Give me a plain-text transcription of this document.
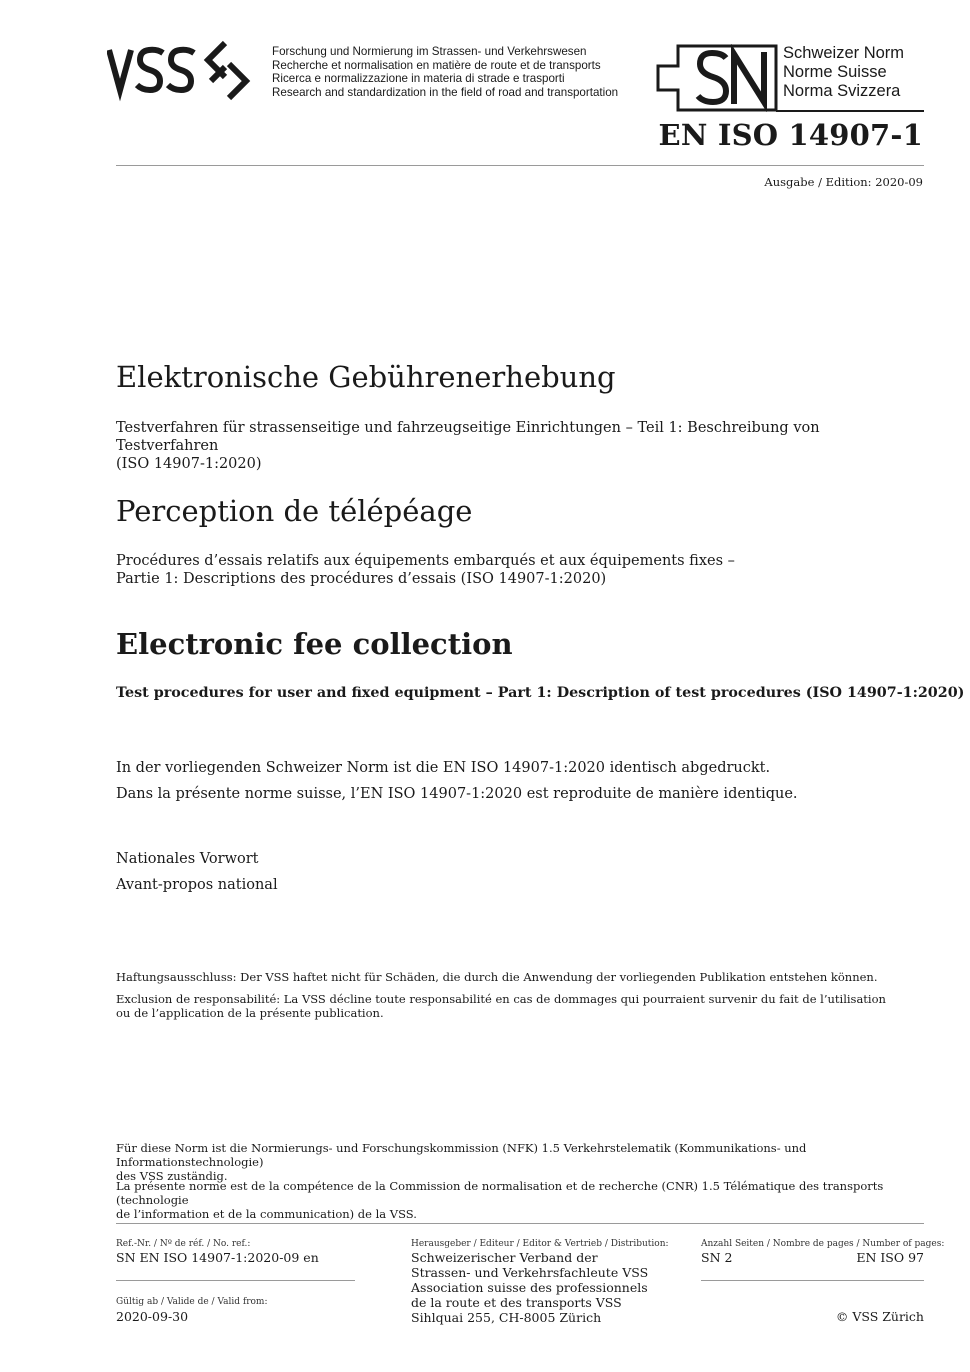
Forschung und Normierung im Strassen- und Verkehrswesen
Recherche et normalisation en matière de route et de transports
Ricerca e normalizzazione in materia di strade e trasporti
Research and standardization in the field of road and transportation
Schweizer Norm
Norme Suisse
Norma Svizzera
EN ISO 14907-1
Ausgabe / Edition: 2020-09
Elektronische Gebührenerhebung
Testverfahren für strassenseitige und fahrzeugseitige Einrichtungen – Teil 1: Beschreibung von Testverfahren
(ISO 14907-1:2020)
Perception de télépéage
Procédures d’essais relatifs aux équipements embarqués et aux équipements fixes –
Partie 1: Descriptions des procédures d’essais (ISO 14907-1:2020)
Electronic fee collection
Test procedures for user and fixed equipment – Part 1: Description of test procedures (ISO 14907-1:2020)
In der vorliegenden Schweizer Norm ist die EN ISO 14907-1:2020 identisch abgedruckt.
Dans la présente norme suisse, l’EN ISO 14907-1:2020 est reproduite de manière identique.
Nationales Vorwort
Avant-propos national
Haftungsausschluss: Der VSS haftet nicht für Schäden, die durch die Anwendung der vorliegenden Publikation entstehen können.
Exclusion de responsabilité: La VSS décline toute responsabilité en cas de dommages qui pourraient survenir du fait de l’utilisation
ou de l’application de la présente publication.
Für diese Norm ist die Normierungs- und Forschungskommission (NFK) 1.5 Verkehrstelematik (Kommunikations- und Informationstechnologie)
des VSS zuständig.
La présente norme est de la compétence de la Commission de normalisation et de recherche (CNR) 1.5 Télématique des transports (technologie
de l’information et de la communication) de la VSS.
Ref.-Nr. / Nº de réf. / No. ref.:
SN EN ISO 14907-1:2020-09 en
Gültig ab / Valide de / Valid from:
2020-09-30
Herausgeber / Editeur / Editor & Vertrieb / Distribution:
Schweizerischer Verband der
Strassen- und Verkehrsfachleute VSS
Association suisse des professionnels
de la route et des transports VSS
Sihlquai 255, CH-8005 Zürich
Anzahl Seiten / Nombre de pages / Number of pages:
SN 2	EN ISO 97
© VSS Zürich
